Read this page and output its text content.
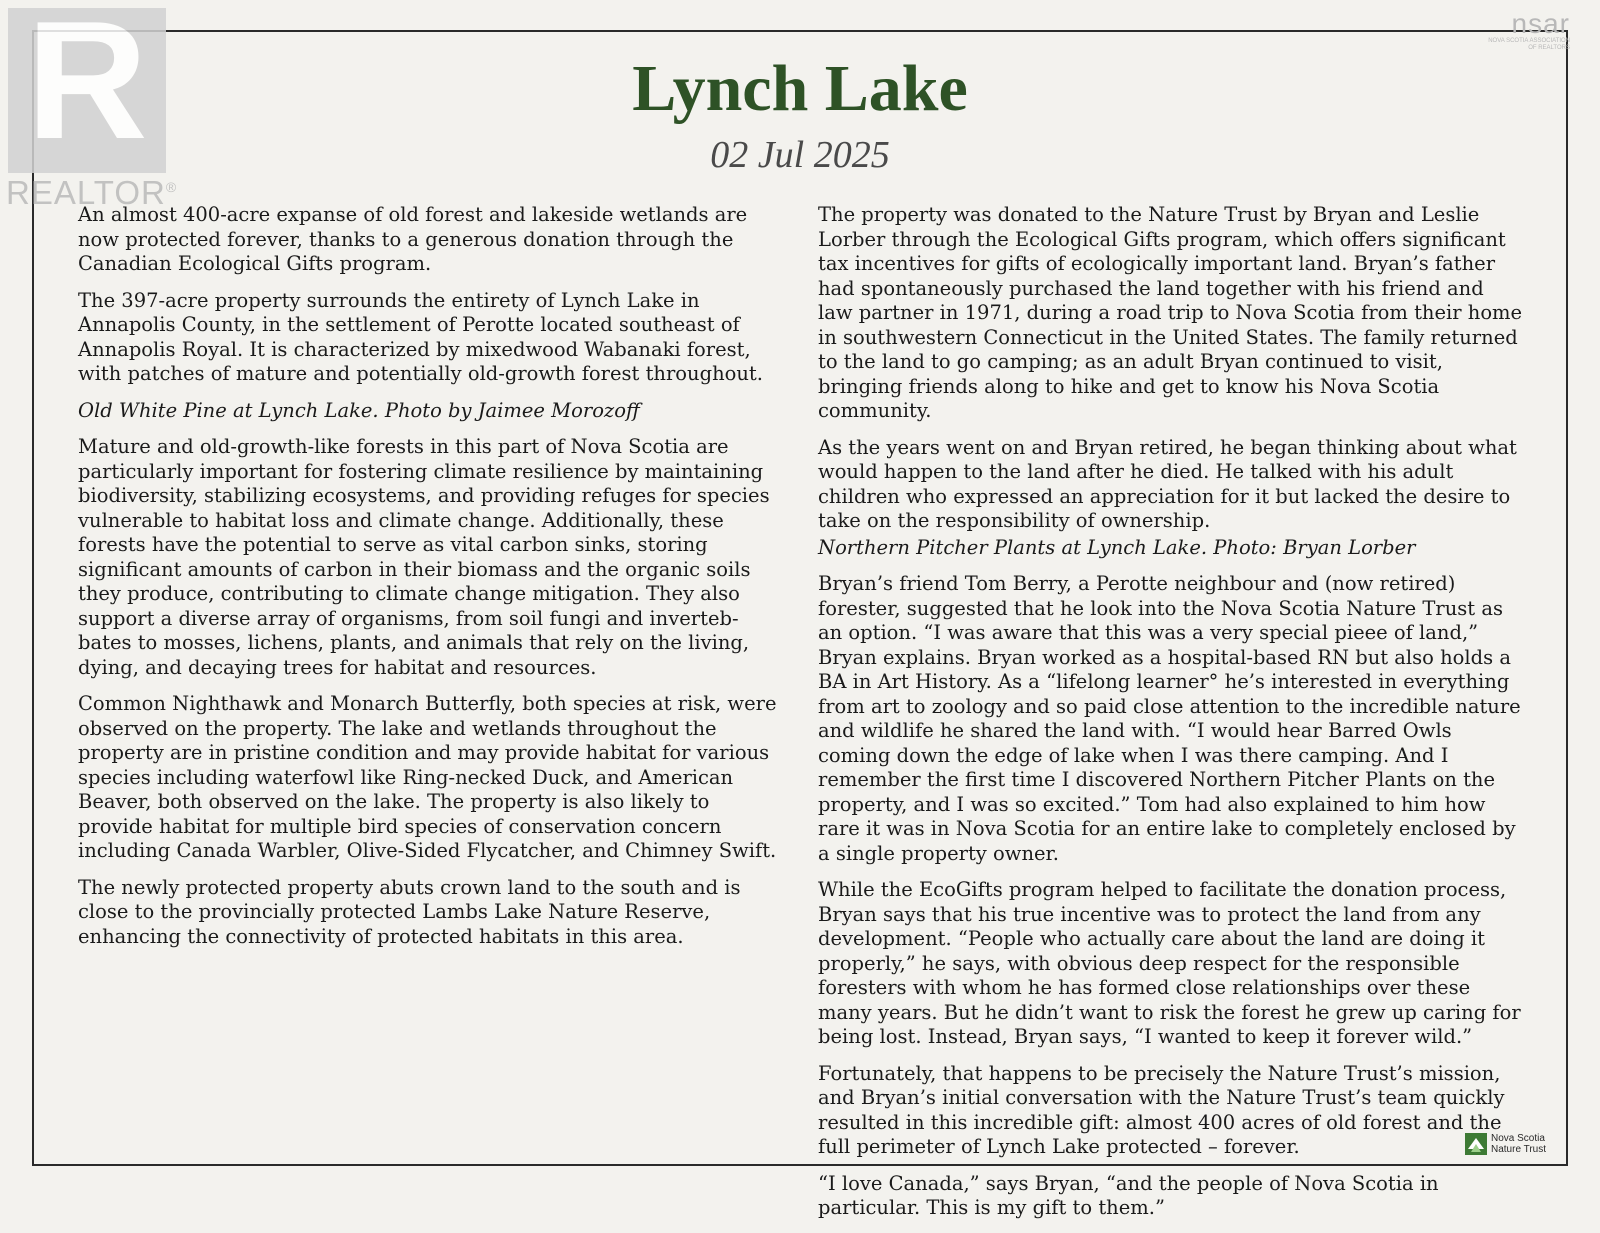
R
REALTOR®
nsar
NOVA SCOTIA ASSOCIATION
OF REALTORS
Lynch Lake
02 Jul 2025

An almost 400-acre expanse of old forest and lakeside wetlands are now protected forever, thanks to a generous donation through the Canadian Ecological Gifts program.

The 397-acre property surrounds the entirety of Lynch Lake in Annapolis County, in the settlement of Perotte located southeast of Annapolis Royal. It is characterized by mixedwood Wabanaki forest, with patches of mature and potentially old-growth forest throughout.

Old White Pine at Lynch Lake. Photo by Jaimee Morozoff

Mature and old-growth-like forests in this part of Nova Scotia are particularly important for fostering climate resilience by maintaining biodiversity, stabilizing ecosystems, and providing refuges for species vulnerable to habitat loss and climate change. Additionally, these forests have the potential to serve as vital carbon sinks, storing significant amounts of carbon in their biomass and the organic soils they produce, contributing to climate change mitigation. They also support a diverse array of organisms, from soil fungi and inverteb-bates to mosses, lichens, plants, and animals that rely on the living, dying, and decaying trees for habitat and resources.

Common Nighthawk and Monarch Butterfly, both species at risk, were observed on the property. The lake and wetlands throughout the property are in pristine condition and may provide habitat for various species including waterfowl like Ring-necked Duck, and American Beaver, both observed on the lake. The property is also likely to provide habitat for multiple bird species of conservation concern including Canada Warbler, Olive-Sided Flycatcher, and Chimney Swift.

The newly protected property abuts crown land to the south and is close to the provincially protected Lambs Lake Nature Reserve, enhancing the connectivity of protected habitats in this area.

The property was donated to the Nature Trust by Bryan and Leslie Lorber through the Ecological Gifts program, which offers significant tax incentives for gifts of ecologically important land. Bryan’s father had spontaneously purchased the land together with his friend and law partner in 1971, during a road trip to Nova Scotia from their home in southwestern Connecticut in the United States. The family returned to the land to go camping; as an adult Bryan continued to visit, bringing friends along to hike and get to know his Nova Scotia community.

As the years went on and Bryan retired, he began thinking about what would happen to the land after he died. He talked with his adult children who expressed an appreciation for it but lacked the desire to take on the responsibility of ownership.

Northern Pitcher Plants at Lynch Lake. Photo: Bryan Lorber

Bryan’s friend Tom Berry, a Perotte neighbour and (now retired) forester, suggested that he look into the Nova Scotia Nature Trust as an option. “I was aware that this was a very special pieee of land,” Bryan explains. Bryan worked as a hospital-based RN but also holds a BA in Art History. As a “lifelong learner° he’s interested in everything from art to zoology and so paid close attention to the incredible nature and wildlife he shared the land with. “I would hear Barred Owls coming down the edge of lake when I was there camping. And I remember the first time I discovered Northern Pitcher Plants on the property, and I was so excited.” Tom had also explained to him how rare it was in Nova Scotia for an entire lake to completely enclosed by a single property owner.

While the EcoGifts program helped to facilitate the donation process, Bryan says that his true incentive was to protect the land from any development. “People who actually care about the land are doing it properly,” he says, with obvious deep respect for the responsible foresters with whom he has formed close relationships over these many years. But he didn’t want to risk the forest he grew up caring for being lost. Instead, Bryan says, “I wanted to keep it forever wild.”

Fortunately, that happens to be precisely the Nature Trust’s mission, and Bryan’s initial conversation with the Nature Trust’s team quickly resulted in this incredible gift: almost 400 acres of old forest and the full perimeter of Lynch Lake protected – forever.

“I love Canada,” says Bryan, “and the people of Nova Scotia in particular. This is my gift to them.”

Nova Scotia
Nature Trust
